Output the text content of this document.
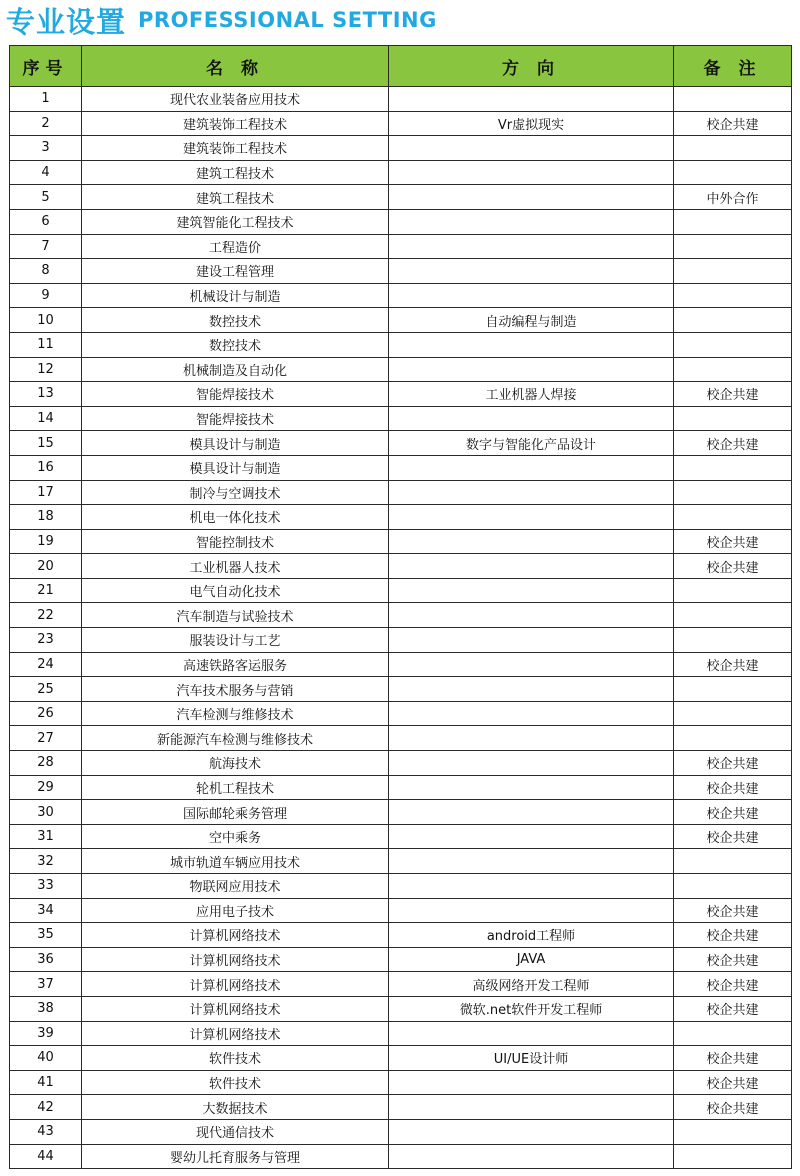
专业设置 PROFESSIONAL SETTING
序号	名 称	方 向	备 注
1	现代农业装备应用技术		
2	建筑装饰工程技术	Vr虚拟现实	校企共建
3	建筑装饰工程技术		
4	建筑工程技术		
5	建筑工程技术		中外合作
6	建筑智能化工程技术		
7	工程造价		
8	建设工程管理		
9	机械设计与制造		
10	数控技术	自动编程与制造	
11	数控技术		
12	机械制造及自动化		
13	智能焊接技术	工业机器人焊接	校企共建
14	智能焊接技术		
15	模具设计与制造	数字与智能化产品设计	校企共建
16	模具设计与制造		
17	制冷与空调技术		
18	机电一体化技术		
19	智能控制技术		校企共建
20	工业机器人技术		校企共建
21	电气自动化技术		
22	汽车制造与试验技术		
23	服装设计与工艺		
24	高速铁路客运服务		校企共建
25	汽车技术服务与营销		
26	汽车检测与维修技术		
27	新能源汽车检测与维修技术		
28	航海技术		校企共建
29	轮机工程技术		校企共建
30	国际邮轮乘务管理		校企共建
31	空中乘务		校企共建
32	城市轨道车辆应用技术		
33	物联网应用技术		
34	应用电子技术		校企共建
35	计算机网络技术	android工程师	校企共建
36	计算机网络技术	JAVA	校企共建
37	计算机网络技术	高级网络开发工程师	校企共建
38	计算机网络技术	微软.net软件开发工程师	校企共建
39	计算机网络技术		
40	软件技术	UI/UE设计师	校企共建
41	软件技术		校企共建
42	大数据技术		校企共建
43	现代通信技术		
44	婴幼儿托育服务与管理		
